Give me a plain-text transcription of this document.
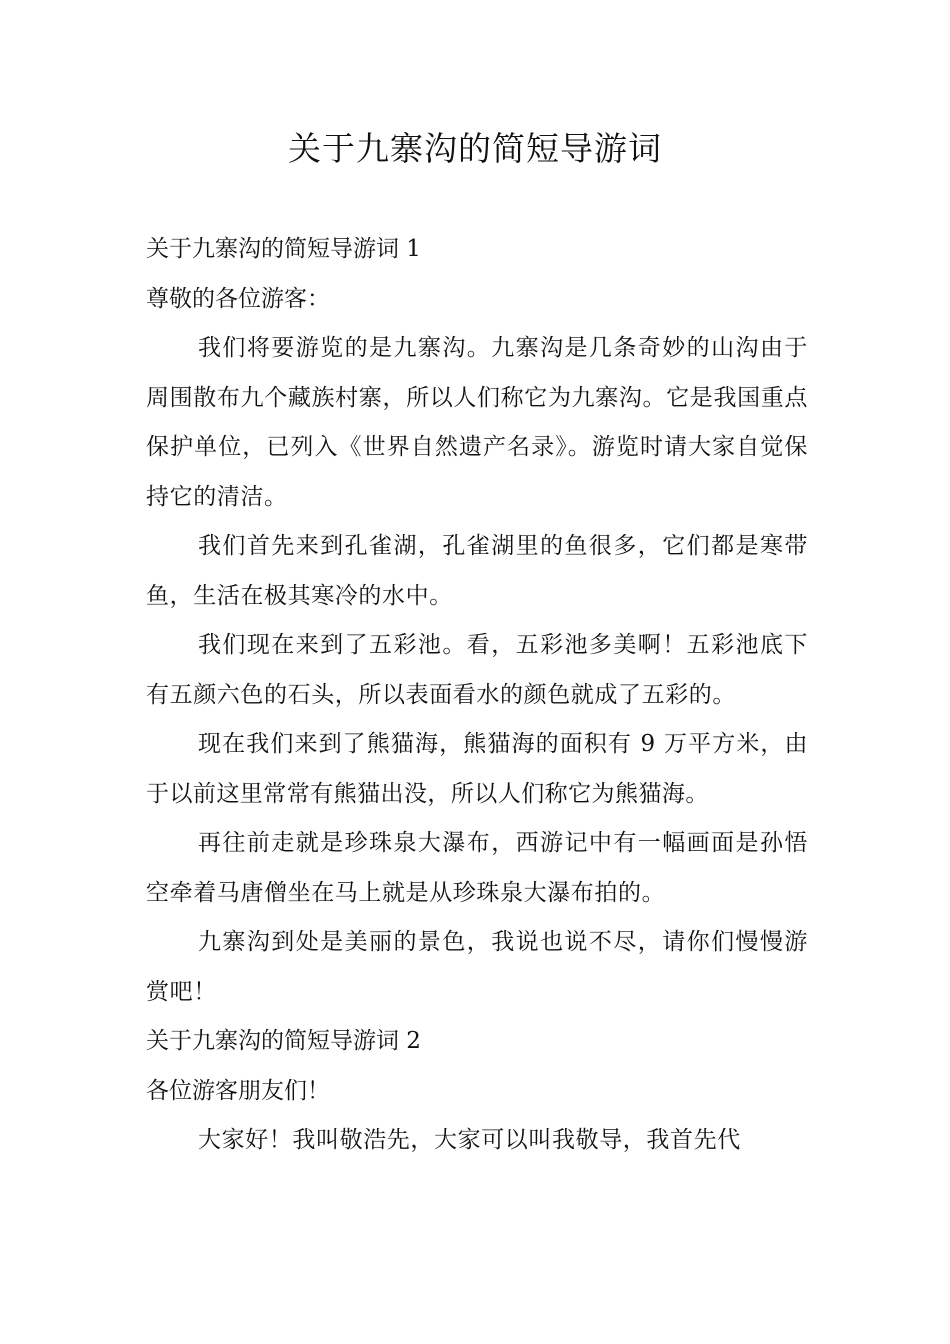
关于九寨沟的简短导游词

关于九寨沟的简短导游词 1

尊敬的各位游客：

我们将要游览的是九寨沟。九寨沟是几条奇妙的山沟由于周围散布九个藏族村寨，所以人们称它为九寨沟。它是我国重点保护单位，已列入《世界自然遗产名录》。游览时请大家自觉保持它的清洁。

我们首先来到孔雀湖，孔雀湖里的鱼很多，它们都是寒带鱼，生活在极其寒冷的水中。

我们现在来到了五彩池。看，五彩池多美啊！五彩池底下有五颜六色的石头，所以表面看水的颜色就成了五彩的。

现在我们来到了熊猫海，熊猫海的面积有 9 万平方米，由于以前这里常常有熊猫出没，所以人们称它为熊猫海。

再往前走就是珍珠泉大瀑布，西游记中有一幅画面是孙悟空牵着马唐僧坐在马上就是从珍珠泉大瀑布拍的。

九寨沟到处是美丽的景色，我说也说不尽，请你们慢慢游赏吧！

关于九寨沟的简短导游词 2

各位游客朋友们！

大家好！我叫敬浩先，大家可以叫我敬导，我首先代
